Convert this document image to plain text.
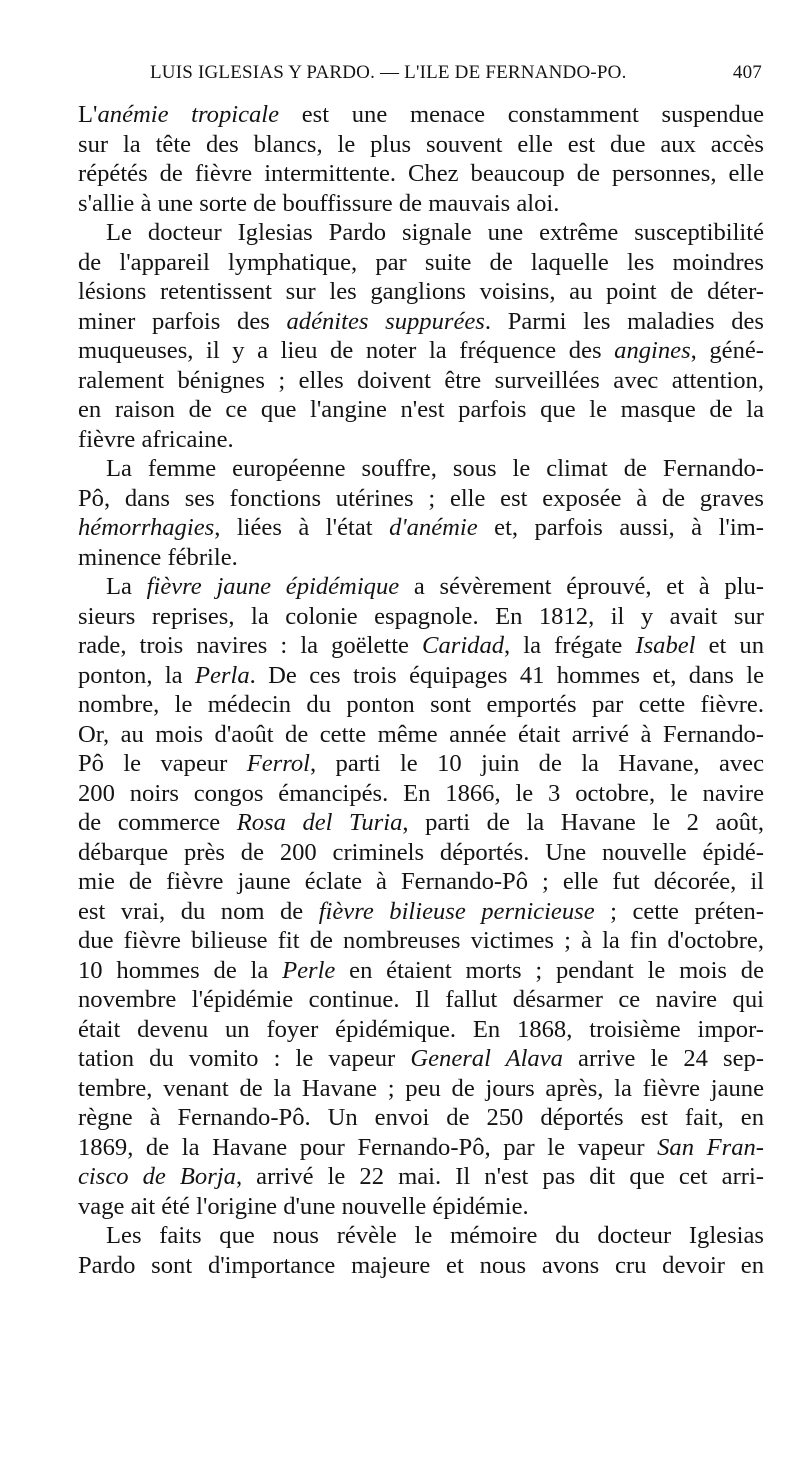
LUIS IGLESIAS Y PARDO. — L'ILE DE FERNANDO-PO.	407
L'anémie tropicale est une menace constamment suspendue
sur la tête des blancs, le plus souvent elle est due aux accès
répétés de fièvre intermittente. Chez beaucoup de personnes, elle
s'allie à une sorte de bouffissure de mauvais aloi.
Le docteur Iglesias Pardo signale une extrême susceptibilité
de l'appareil lymphatique, par suite de laquelle les moindres
lésions retentissent sur les ganglions voisins, au point de déter-
miner parfois des adénites suppurées. Parmi les maladies des
muqueuses, il y a lieu de noter la fréquence des angines, géné-
ralement bénignes ; elles doivent être surveillées avec attention,
en raison de ce que l'angine n'est parfois que le masque de la
fièvre africaine.
La femme européenne souffre, sous le climat de Fernando-
Pô, dans ses fonctions utérines ; elle est exposée à de graves
hémorrhagies, liées à l'état d'anémie et, parfois aussi, à l'im-
minence fébrile.
La fièvre jaune épidémique a sévèrement éprouvé, et à plu-
sieurs reprises, la colonie espagnole. En 1812, il y avait sur
rade, trois navires : la goëlette Caridad, la frégate Isabel et un
ponton, la Perla. De ces trois équipages 41 hommes et, dans le
nombre, le médecin du ponton sont emportés par cette fièvre.
Or, au mois d'août de cette même année était arrivé à Fernando-
Pô le vapeur Ferrol, parti le 10 juin de la Havane, avec
200 noirs congos émancipés. En 1866, le 3 octobre, le navire
de commerce Rosa del Turia, parti de la Havane le 2 août,
débarque près de 200 criminels déportés. Une nouvelle épidé-
mie de fièvre jaune éclate à Fernando-Pô ; elle fut décorée, il
est vrai, du nom de fièvre bilieuse pernicieuse ; cette préten-
due fièvre bilieuse fit de nombreuses victimes ; à la fin d'octobre,
10 hommes de la Perle en étaient morts ; pendant le mois de
novembre l'épidémie continue. Il fallut désarmer ce navire qui
était devenu un foyer épidémique. En 1868, troisième impor-
tation du vomito : le vapeur General Alava arrive le 24 sep-
tembre, venant de la Havane ; peu de jours après, la fièvre jaune
règne à Fernando-Pô. Un envoi de 250 déportés est fait, en
1869, de la Havane pour Fernando-Pô, par le vapeur San Fran-
cisco de Borja, arrivé le 22 mai. Il n'est pas dit que cet arri-
vage ait été l'origine d'une nouvelle épidémie.
Les faits que nous révèle le mémoire du docteur Iglesias
Pardo sont d'importance majeure et nous avons cru devoir en
